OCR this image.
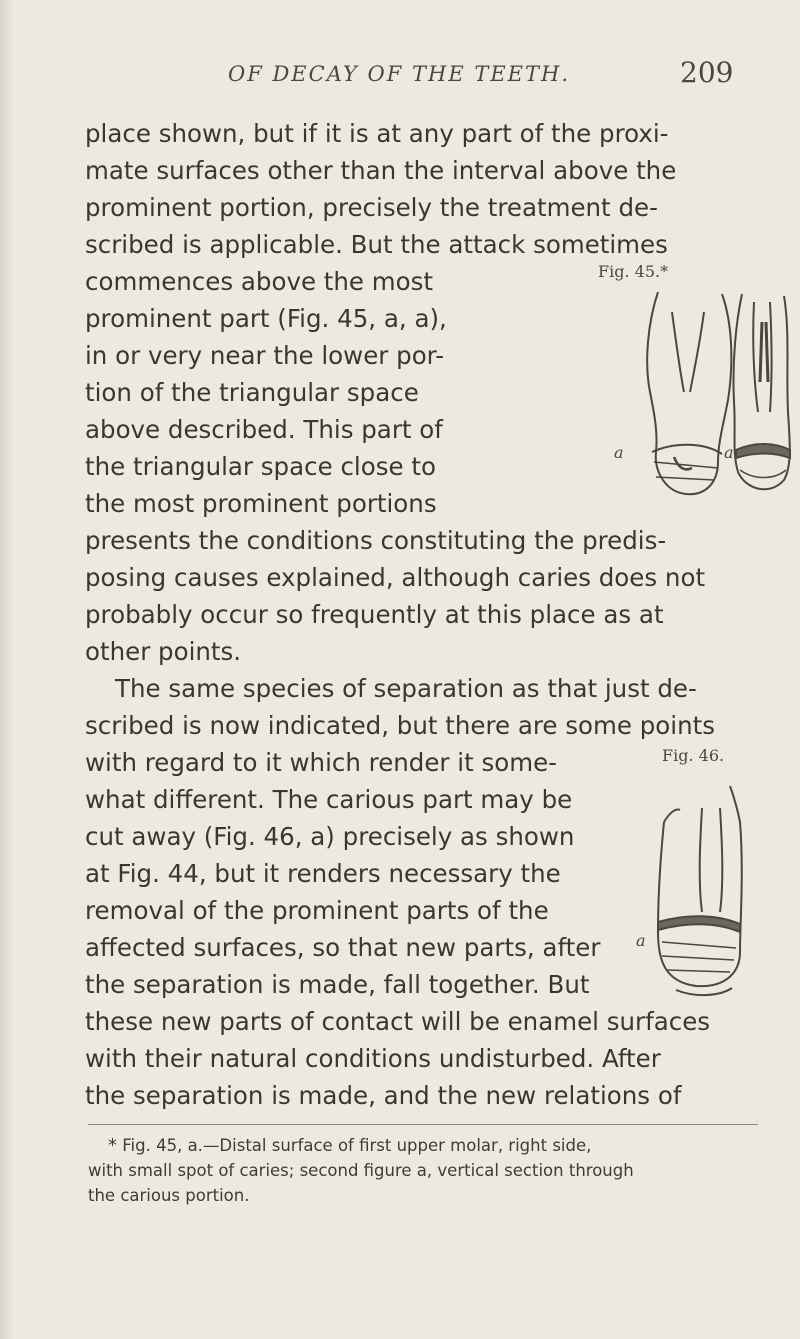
OF DECAY OF THE TEETH.	209
place shown, but if it is at any part of the proxi-
mate surfaces other than the interval above the
prominent portion, precisely the treatment de-
scribed is applicable. But the attack sometimes
commences above the most
prominent part (Fig. 45, a, a),
in or very near the lower por-
tion of the triangular space
above described. This part of
the triangular space close to
the most prominent portions
presents the conditions constituting the predis-
posing causes explained, although caries does not
probably occur so frequently at this place as at
other points.
The same species of separation as that just de-
scribed is now indicated, but there are some points
with regard to it which render it some-
what different. The carious part may be
cut away (Fig. 46, a) precisely as shown
at Fig. 44, but it renders necessary the
removal of the prominent parts of the
affected surfaces, so that new parts, after
the separation is made, fall together. But
these new parts of contact will be enamel surfaces
with their natural conditions undisturbed. After
the separation is made, and the new relations of
Fig. 45.*
a	a
Fig. 46.
a
* Fig. 45, a.—Distal surface of first upper molar, right side,
with small spot of caries; second figure a, vertical section through
the carious portion.
